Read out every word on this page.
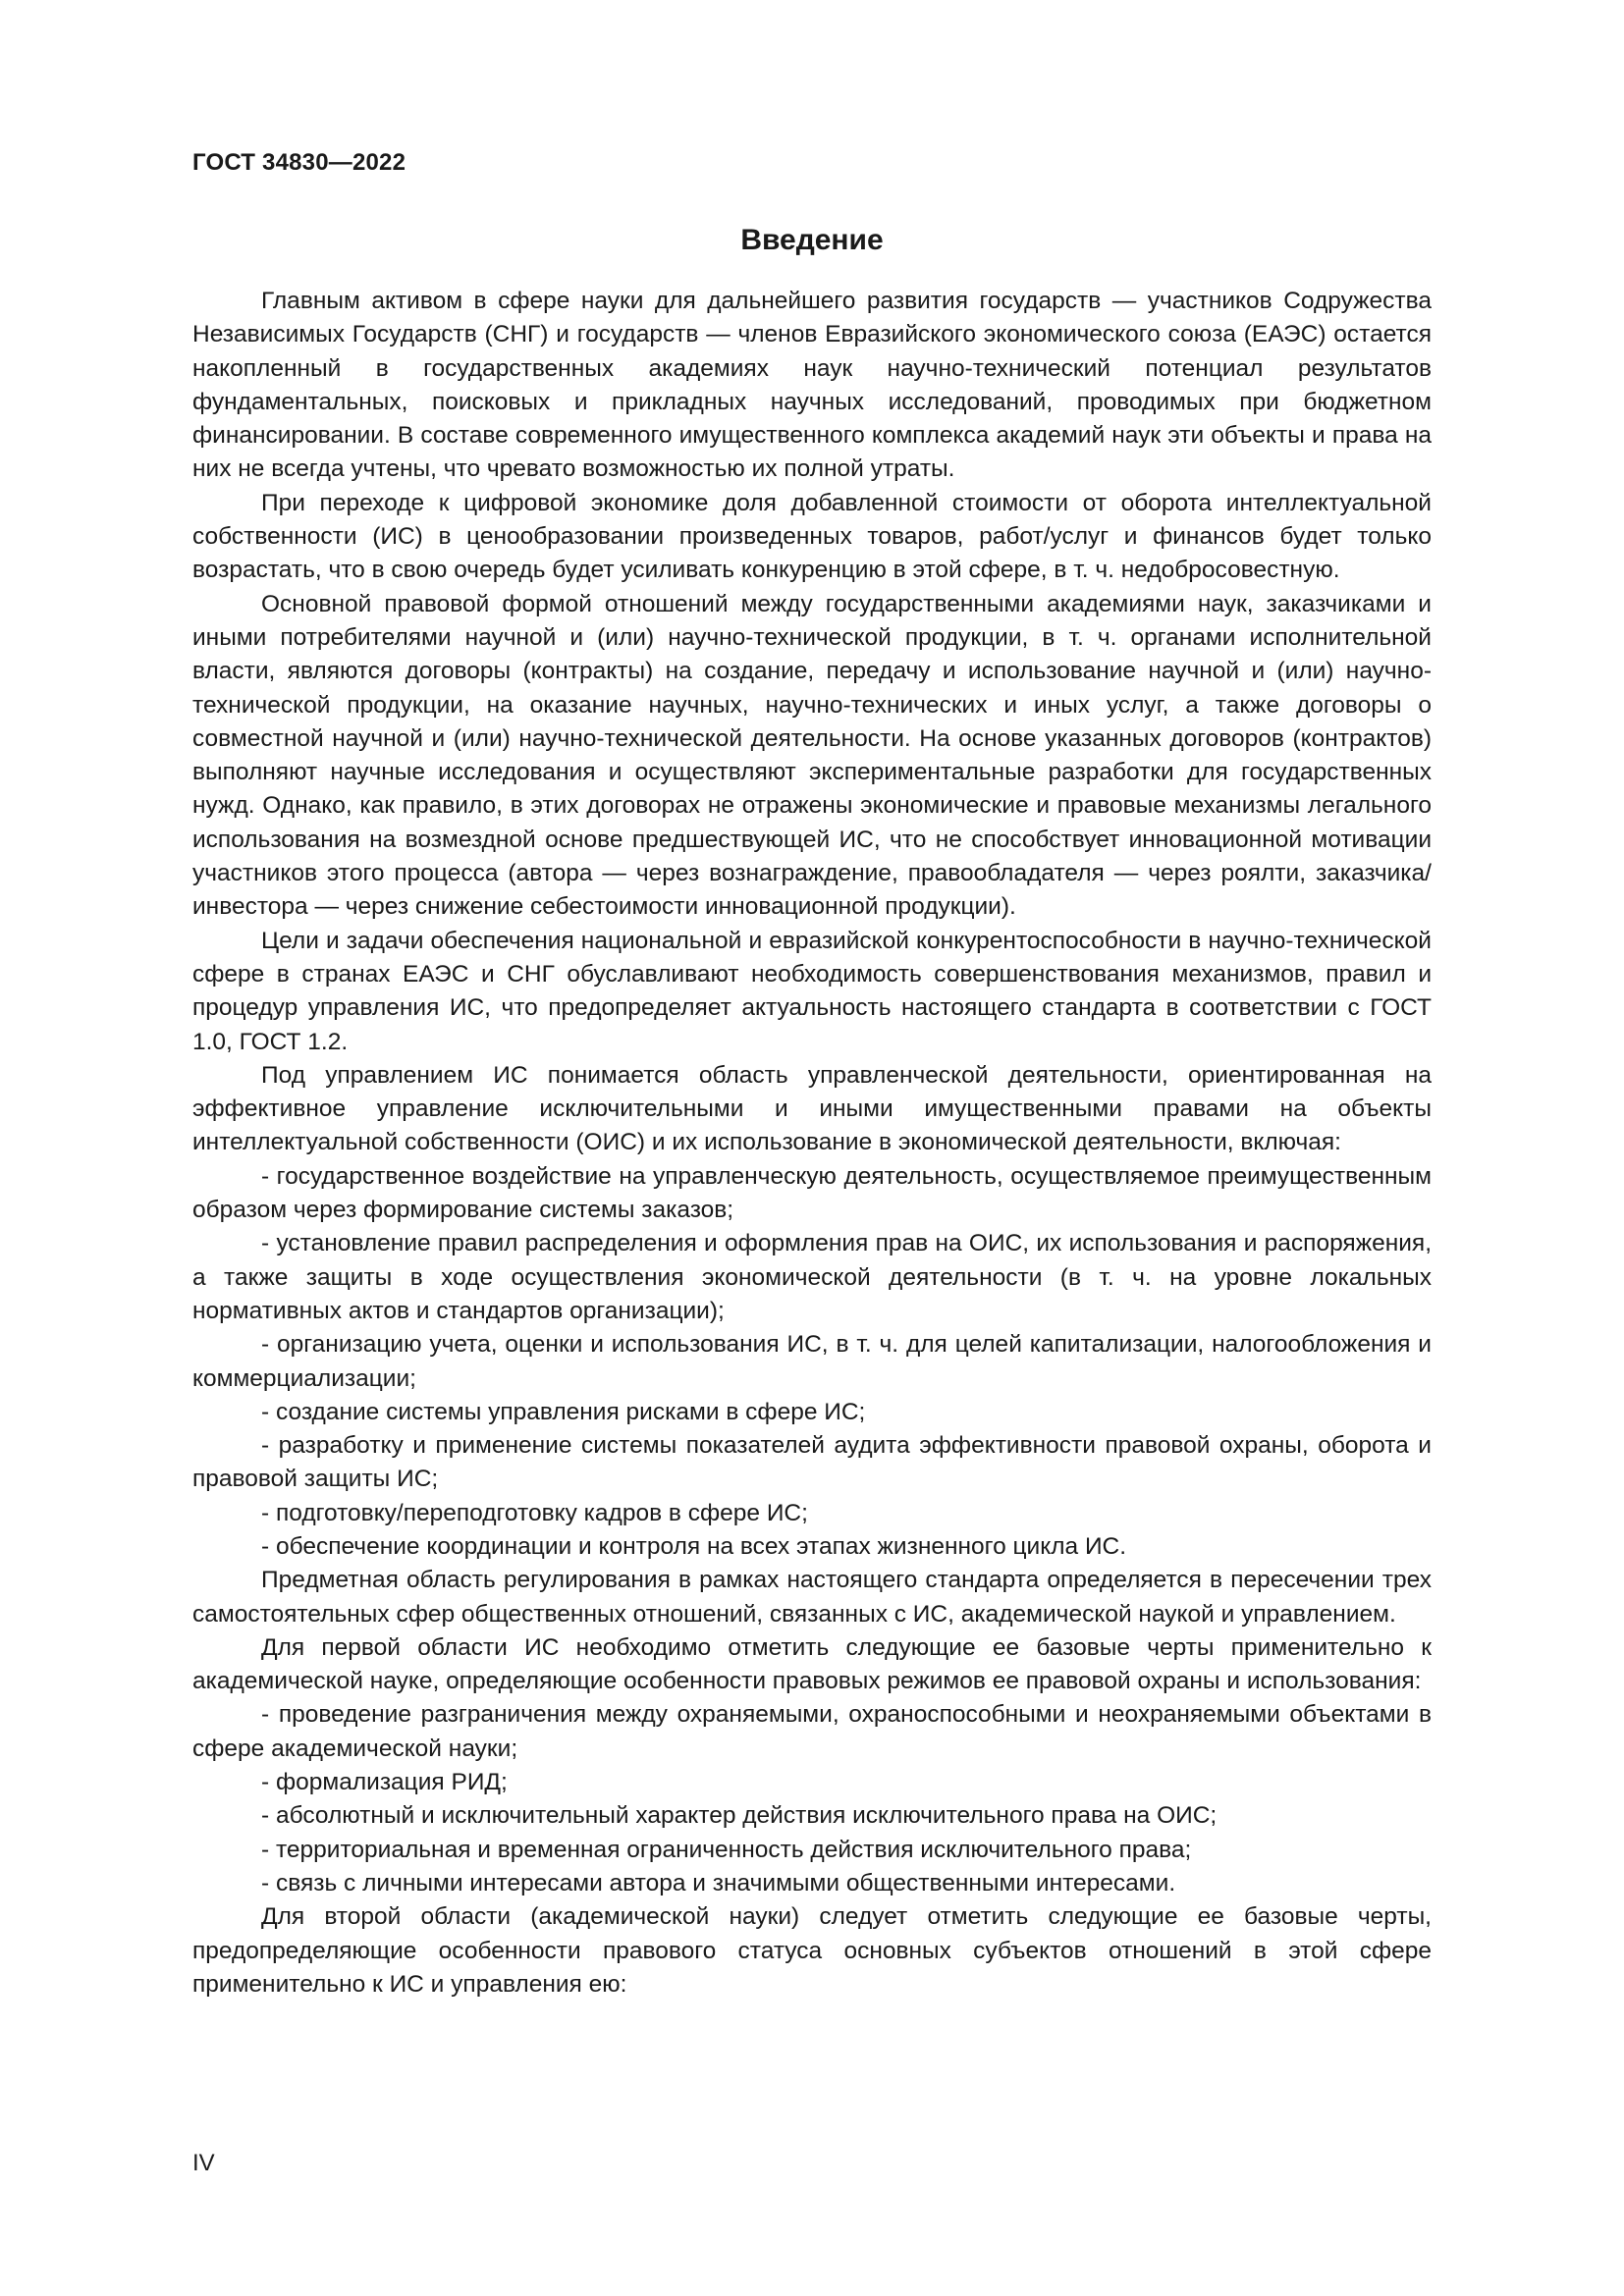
ГОСТ 34830—2022
Введение

Главным активом в сфере науки для дальнейшего развития государств — участников Содружества Независимых Государств (СНГ) и государств — членов Евразийского экономического союза (ЕАЭС) остается накопленный в государственных академиях наук научно-технический потенциал результатов фундаментальных, поисковых и прикладных научных исследований, проводимых при бюджетном финансировании. В составе современного имущественного комплекса академий наук эти объекты и права на них не всегда учтены, что чревато возможностью их полной утраты.

При переходе к цифровой экономике доля добавленной стоимости от оборота интеллектуальной собственности (ИС) в ценообразовании произведенных товаров, работ/услуг и финансов будет только возрастать, что в свою очередь будет усиливать конкуренцию в этой сфере, в т. ч. недобросовестную.

Основной правовой формой отношений между государственными академиями наук, заказчиками и иными потребителями научной и (или) научно-технической продукции, в т. ч. органами исполнительной власти, являются договоры (контракты) на создание, передачу и использование научной и (или) научно-технической продукции, на оказание научных, научно-технических и иных услуг, а также договоры о совместной научной и (или) научно-технической деятельности. На основе указанных договоров (контрактов) выполняют научные исследования и осуществляют экспериментальные разработки для государственных нужд. Однако, как правило, в этих договорах не отражены экономические и правовые механизмы легального использования на возмездной основе предшествующей ИС, что не способствует инновационной мотивации участников этого процесса (автора — через вознаграждение, правообладателя — через роялти, заказчика/инвестора — через снижение себестоимости инновационной продукции).

Цели и задачи обеспечения национальной и евразийской конкурентоспособности в научно-технической сфере в странах ЕАЭС и СНГ обуславливают необходимость совершенствования механизмов, правил и процедур управления ИС, что предопределяет актуальность настоящего стандарта в соответствии с ГОСТ 1.0, ГОСТ 1.2.

Под управлением ИС понимается область управленческой деятельности, ориентированная на эффективное управление исключительными и иными имущественными правами на объекты интеллектуальной собственности (ОИС) и их использование в экономической деятельности, включая:

- государственное воздействие на управленческую деятельность, осуществляемое преимущественным образом через формирование системы заказов;

- установление правил распределения и оформления прав на ОИС, их использования и распоряжения, а также защиты в ходе осуществления экономической деятельности (в т. ч. на уровне локальных нормативных актов и стандартов организации);

- организацию учета, оценки и использования ИС, в т. ч. для целей капитализации, налогообложения и коммерциализации;

- создание системы управления рисками в сфере ИС;

- разработку и применение системы показателей аудита эффективности правовой охраны, оборота и правовой защиты ИС;

- подготовку/переподготовку кадров в сфере ИС;

- обеспечение координации и контроля на всех этапах жизненного цикла ИС.

Предметная область регулирования в рамках настоящего стандарта определяется в пересечении трех самостоятельных сфер общественных отношений, связанных с ИС, академической наукой и управлением.

Для первой области ИС необходимо отметить следующие ее базовые черты применительно к академической науке, определяющие особенности правовых режимов ее правовой охраны и использования:

- проведение разграничения между охраняемыми, охраноспособными и неохраняемыми объектами в сфере академической науки;

- формализация РИД;

- абсолютный и исключительный характер действия исключительного права на ОИС;

- территориальная и временная ограниченность действия исключительного права;

- связь с личными интересами автора и значимыми общественными интересами.

Для второй области (академической науки) следует отметить следующие ее базовые черты, предопределяющие особенности правового статуса основных субъектов отношений в этой сфере применительно к ИС и управления ею:

IV
